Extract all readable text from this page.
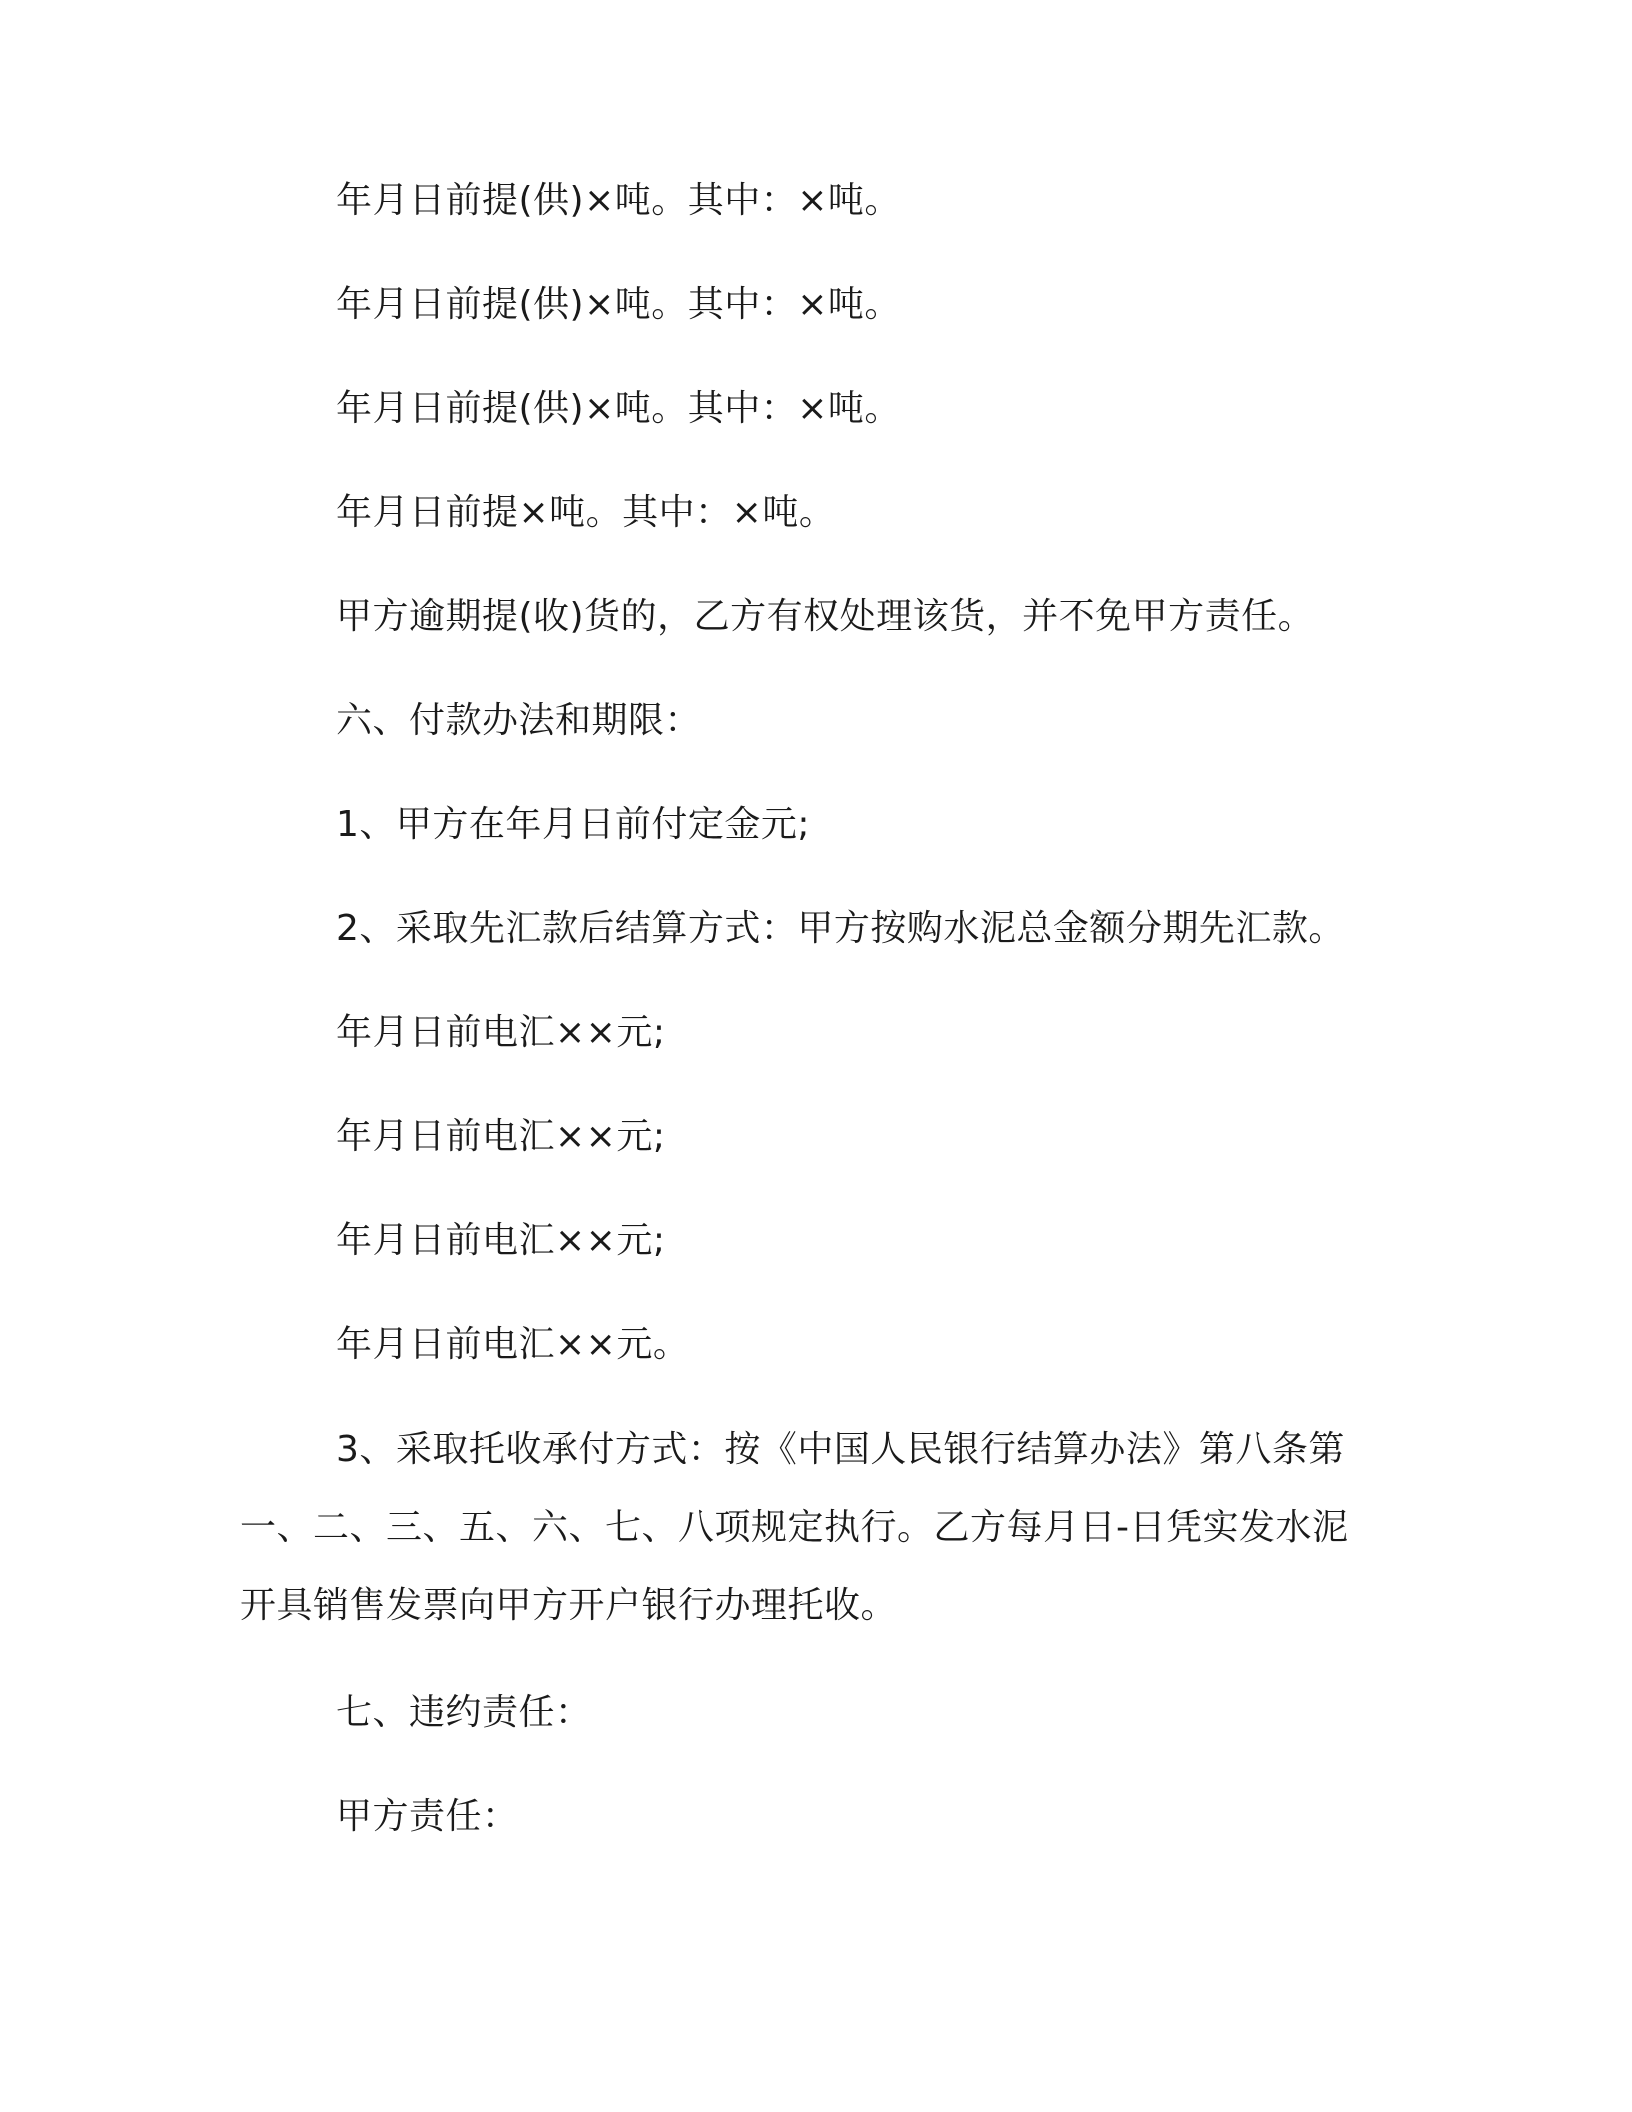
年月日前提(供)×吨。其中：×吨。

年月日前提(供)×吨。其中：×吨。

年月日前提(供)×吨。其中：×吨。

年月日前提×吨。其中：×吨。

甲方逾期提(收)货的，乙方有权处理该货，并不免甲方责任。

六、付款办法和期限：

1、甲方在年月日前付定金元;

2、采取先汇款后结算方式：甲方按购水泥总金额分期先汇款。

年月日前电汇××元;

年月日前电汇××元;

年月日前电汇××元;

年月日前电汇××元。

3、采取托收承付方式：按《中国人民银行结算办法》第八条第一、二、三、五、六、七、八项规定执行。乙方每月日-日凭实发水泥开具销售发票向甲方开户银行办理托收。

七、违约责任：

甲方责任：
